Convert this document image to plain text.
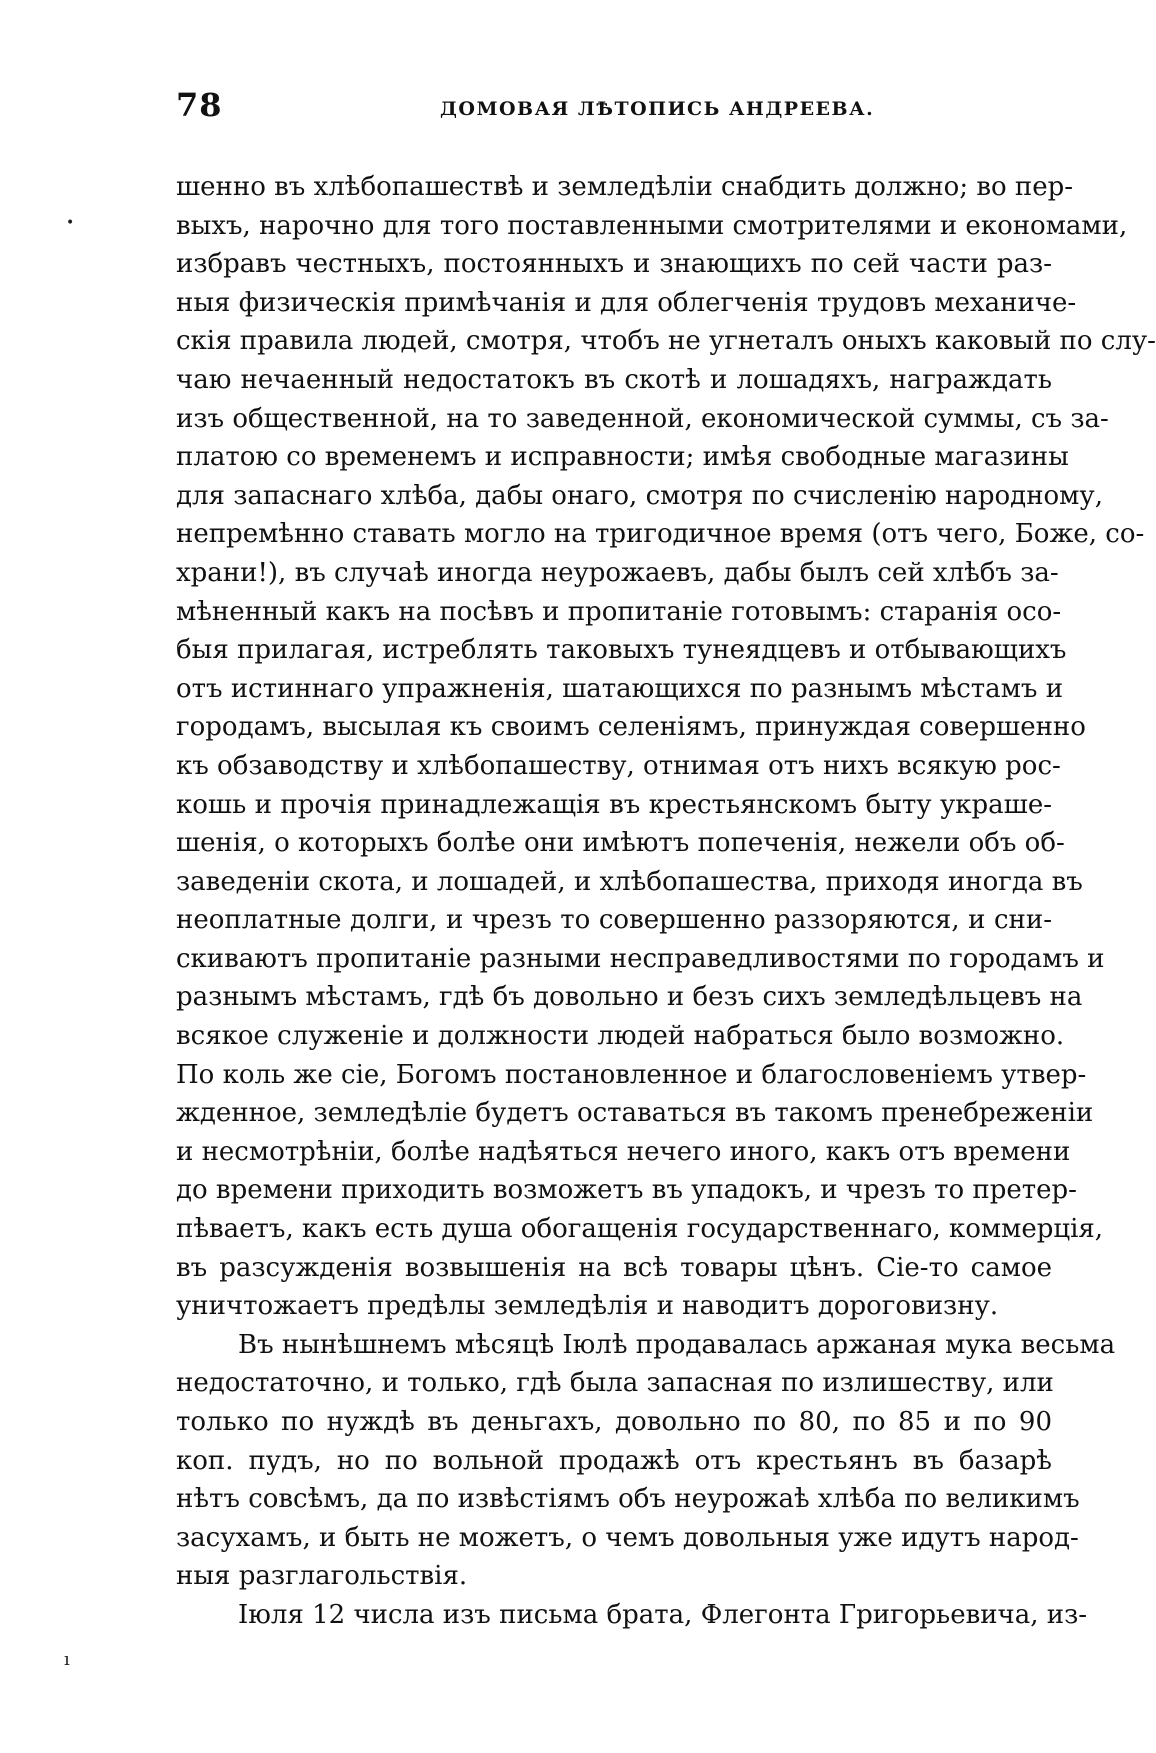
78	ДОМОВАЯ ЛѢТОПИСЬ АНДРЕЕВА.
шенно въ хлѣбопашествѣ и земледѣліи снабдить должно; во пер-
выхъ, нарочно для того поставленными смотрителями и економами,
избравъ честныхъ, постоянныхъ и знающихъ по сей части раз-
ныя физическія примѣчанія и для облегченія трудовъ механиче-
скія правила людей, смотря, чтобъ не угнеталъ оныхъ каковый по слу-
чаю нечаенный недостатокъ въ скотѣ и лошадяхъ, награждать
изъ общественной, на то заведенной, економической суммы, съ за-
платою со временемъ и исправности; имѣя свободные магазины
для запаснаго хлѣба, дабы онаго, смотря по счисленію народному,
непремѣнно ставать могло на тригодичное время (отъ чего, Боже, со-
храни!), въ случаѣ иногда неурожаевъ, дабы былъ сей хлѣбъ за-
мѣненный какъ на посѣвъ и пропитаніе готовымъ: старанія осо-
быя прилагая, истреблять таковыхъ тунеядцевъ и отбывающихъ
отъ истиннаго упражненія, шатающихся по разнымъ мѣстамъ и
городамъ, высылая къ своимъ селеніямъ, принуждая совершенно
къ обзаводству и хлѣбопашеству, отнимая отъ нихъ всякую рос-
кошь и прочія принадлежащія въ крестьянскомъ быту украше-
шенія, о которыхъ болѣе они имѣютъ попеченія, нежели объ об-
заведеніи скота, и лошадей, и хлѣбопашества, приходя иногда въ
неоплатные долги, и чрезъ то совершенно раззоряются, и сни-
скиваютъ пропитаніе разными несправедливостями по городамъ и
разнымъ мѣстамъ, гдѣ бъ довольно и безъ сихъ земледѣльцевъ на
всякое служеніе и должности людей набраться было возможно.
По коль же сіе, Богомъ постановленное и благословеніемъ утвер-
жденное, земледѣліе будетъ оставаться въ такомъ пренебреженіи
и несмотрѣніи, болѣе надѣяться нечего иного, какъ отъ времени
до времени приходить возможетъ въ упадокъ, и чрезъ то претер-
пѣваетъ, какъ есть душа обогащенія государственнаго, коммерція,
въ разсужденія возвышенія на всѣ товары цѣнъ. Сіе-то самое
уничтожаетъ предѣлы земледѣлія и наводитъ дороговизну.
Въ нынѣшнемъ мѣсяцѣ Іюлѣ продавалась аржаная мука весьма
недостаточно, и только, гдѣ была запасная по излишеству, или
только по нуждѣ въ деньгахъ, довольно по 80, по 85 и по 90
коп. пудъ, но по вольной продажѣ отъ крестьянъ въ базарѣ
нѣтъ совсѣмъ, да по извѣстіямъ объ неурожаѣ хлѣба по великимъ
засухамъ, и быть не можетъ, о чемъ довольныя уже идутъ народ-
ныя разглагольствія.
Іюля 12 числа изъ письма брата, Флегонта Григорьевича, из-
•
ı
